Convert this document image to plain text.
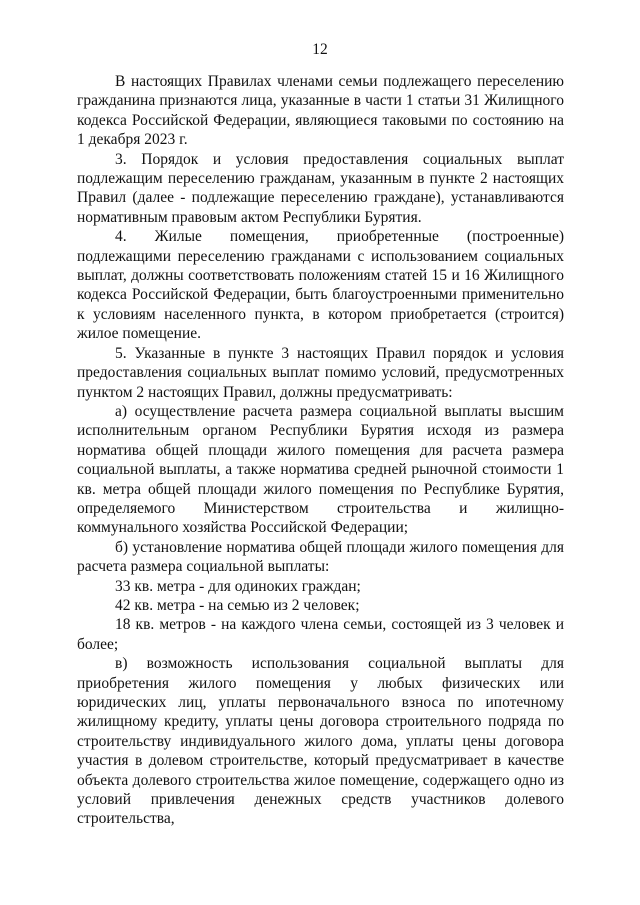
12

В настоящих Правилах членами семьи подлежащего переселению гражданина признаются лица, указанные в части 1 статьи 31 Жилищного кодекса Российской Федерации, являющиеся таковыми по состоянию на 1 декабря 2023 г.

3. Порядок и условия предоставления социальных выплат подлежащим переселению гражданам, указанным в пункте 2 настоящих Правил (далее - подлежащие переселению граждане), устанавливаются нормативным правовым актом Республики Бурятия.

4. Жилые помещения, приобретенные (построенные) подлежащими переселению гражданами с использованием социальных выплат, должны соответствовать положениям статей 15 и 16 Жилищного кодекса Российской Федерации, быть благоустроенными применительно к условиям населенного пункта, в котором приобретается (строится) жилое помещение.

5. Указанные в пункте 3 настоящих Правил порядок и условия предоставления социальных выплат помимо условий, предусмотренных пунктом 2 настоящих Правил, должны предусматривать:

а) осуществление расчета размера социальной выплаты высшим исполнительным органом Республики Бурятия исходя из размера норматива общей площади жилого помещения для расчета размера социальной выплаты, а также норматива средней рыночной стоимости 1 кв. метра общей площади жилого помещения по Республике Бурятия, определяемого Министерством строительства и жилищно-коммунального хозяйства Российской Федерации;

б) установление норматива общей площади жилого помещения для расчета размера социальной выплаты:

33 кв. метра - для одиноких граждан;

42 кв. метра - на семью из 2 человек;

18 кв. метров - на каждого члена семьи, состоящей из 3 человек и более;

в) возможность использования социальной выплаты для приобретения жилого помещения у любых физических или юридических лиц, уплаты первоначального взноса по ипотечному жилищному кредиту, уплаты цены договора строительного подряда по строительству индивидуального жилого дома, уплаты цены договора участия в долевом строительстве, который предусматривает в качестве объекта долевого строительства жилое помещение, содержащего одно из условий привлечения денежных средств участников долевого строительства,
